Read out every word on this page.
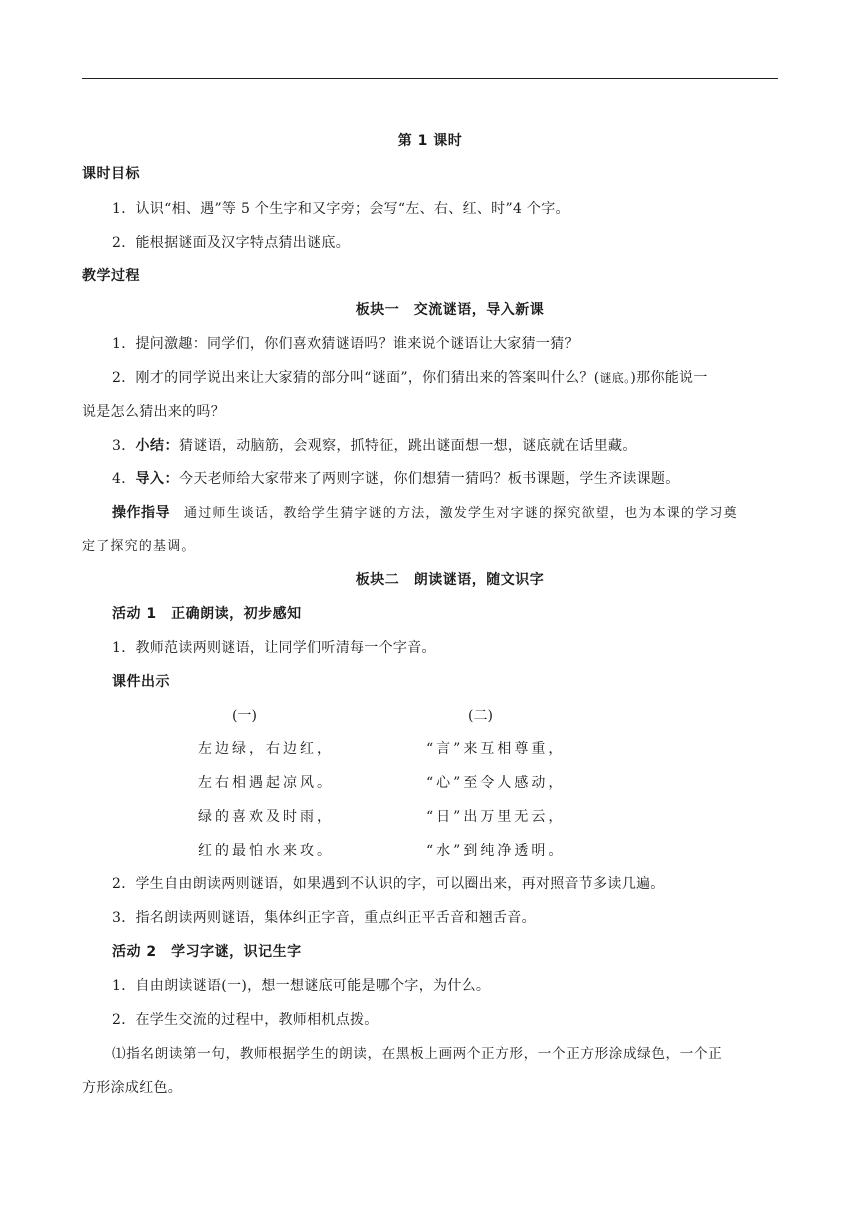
第 1 课时
课时目标
1．认识“相、遇”等 5 个生字和又字旁；会写“左、右、红、时”4 个字。
2．能根据谜面及汉字特点猜出谜底。
教学过程
板块一　交流谜语，导入新课
1．提问激趣：同学们，你们喜欢猜谜语吗？谁来说个谜语让大家猜一猜？
2．刚才的同学说出来让大家猜的部分叫“谜面”，你们猜出来的答案叫什么？(谜底。)那你能说一
说是怎么猜出来的吗？
3．小结：猜谜语，动脑筋，会观察，抓特征，跳出谜面想一想，谜底就在话里藏。
4．导入：今天老师给大家带来了两则字谜，你们想猜一猜吗？板书课题，学生齐读课题。
操作指导 通过师生谈话，教给学生猜字谜的方法，激发学生对字谜的探究欲望，也为本课的学习奠
定了探究的基调。
板块二　朗读谜语，随文识字
活动 1　正确朗读，初步感知
1．教师范读两则谜语，让同学们听清每一个字音。
课件出示
(一)	(二)
左边绿，右边红，
左右相遇起凉风。
绿的喜欢及时雨，
红的最怕水来攻。
“言”来互相尊重，
“心”至令人感动，
“日”出万里无云，
“水”到纯净透明。
2．学生自由朗读两则谜语，如果遇到不认识的字，可以圈出来，再对照音节多读几遍。
3．指名朗读两则谜语，集体纠正字音，重点纠正平舌音和翘舌音。
活动 2　学习字谜，识记生字
1．自由朗读谜语(一)，想一想谜底可能是哪个字，为什么。
2．在学生交流的过程中，教师相机点拨。
⑴指名朗读第一句，教师根据学生的朗读，在黑板上画两个正方形，一个正方形涂成绿色，一个正
方形涂成红色。
